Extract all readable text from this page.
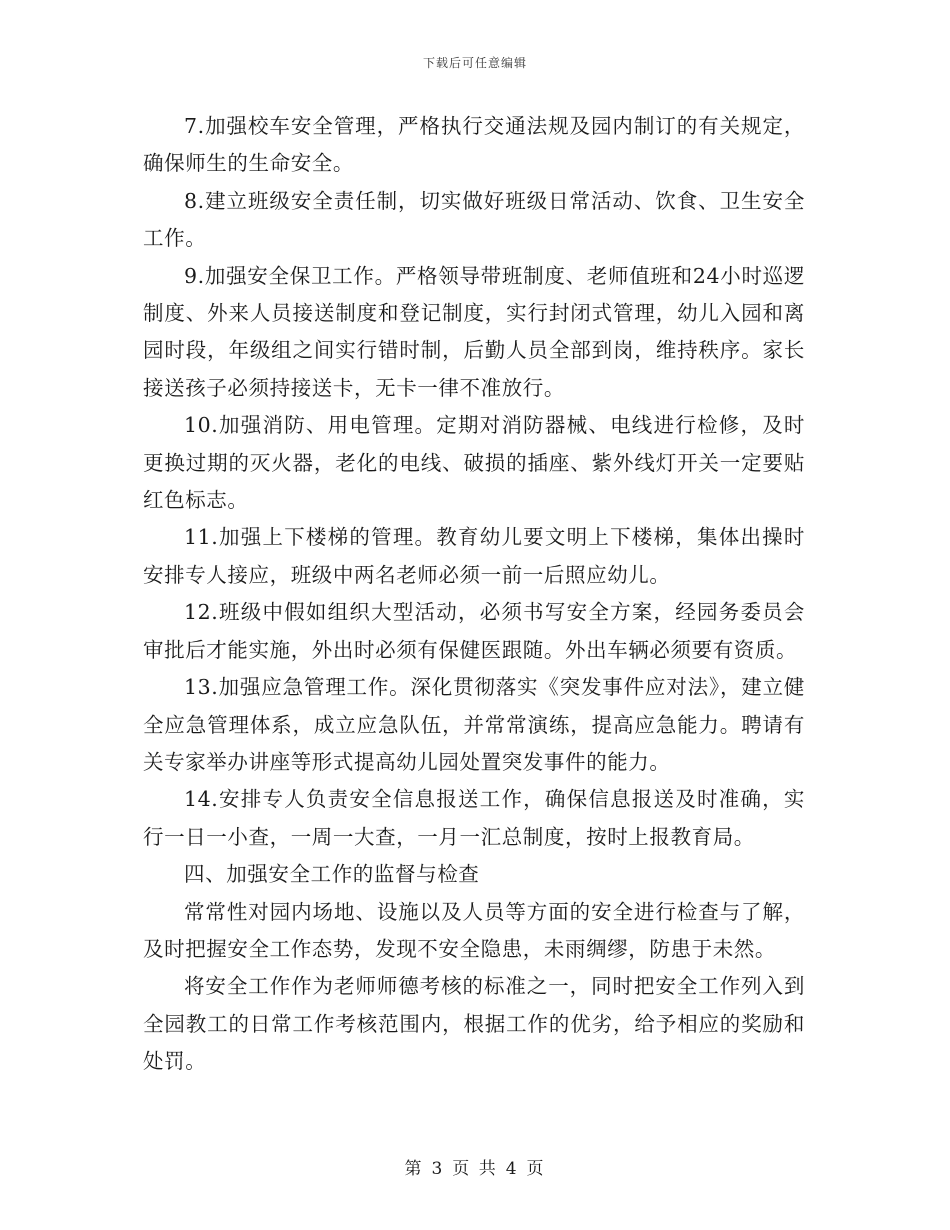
下载后可任意编辑

7.加强校车安全管理，严格执行交通法规及园内制订的有关规定，确保师生的生命安全。

8.建立班级安全责任制，切实做好班级日常活动、饮食、卫生安全工作。

9.加强安全保卫工作。严格领导带班制度、老师值班和24小时巡逻制度、外来人员接送制度和登记制度，实行封闭式管理，幼儿入园和离园时段，年级组之间实行错时制，后勤人员全部到岗，维持秩序。家长接送孩子必须持接送卡，无卡一律不准放行。

10.加强消防、用电管理。定期对消防器械、电线进行检修，及时更换过期的灭火器，老化的电线、破损的插座、紫外线灯开关一定要贴红色标志。

11.加强上下楼梯的管理。教育幼儿要文明上下楼梯，集体出操时安排专人接应，班级中两名老师必须一前一后照应幼儿。

12.班级中假如组织大型活动，必须书写安全方案，经园务委员会审批后才能实施，外出时必须有保健医跟随。外出车辆必须要有资质。

13.加强应急管理工作。深化贯彻落实《突发事件应对法》，建立健全应急管理体系，成立应急队伍，并常常演练，提高应急能力。聘请有关专家举办讲座等形式提高幼儿园处置突发事件的能力。

14.安排专人负责安全信息报送工作，确保信息报送及时准确，实行一日一小查，一周一大查，一月一汇总制度，按时上报教育局。

四、加强安全工作的监督与检查

常常性对园内场地、设施以及人员等方面的安全进行检查与了解，及时把握安全工作态势，发现不安全隐患，未雨绸缪，防患于未然。

将安全工作作为老师师德考核的标准之一，同时把安全工作列入到全园教工的日常工作考核范围内，根据工作的优劣，给予相应的奖励和处罚。

第 3 页 共 4 页
